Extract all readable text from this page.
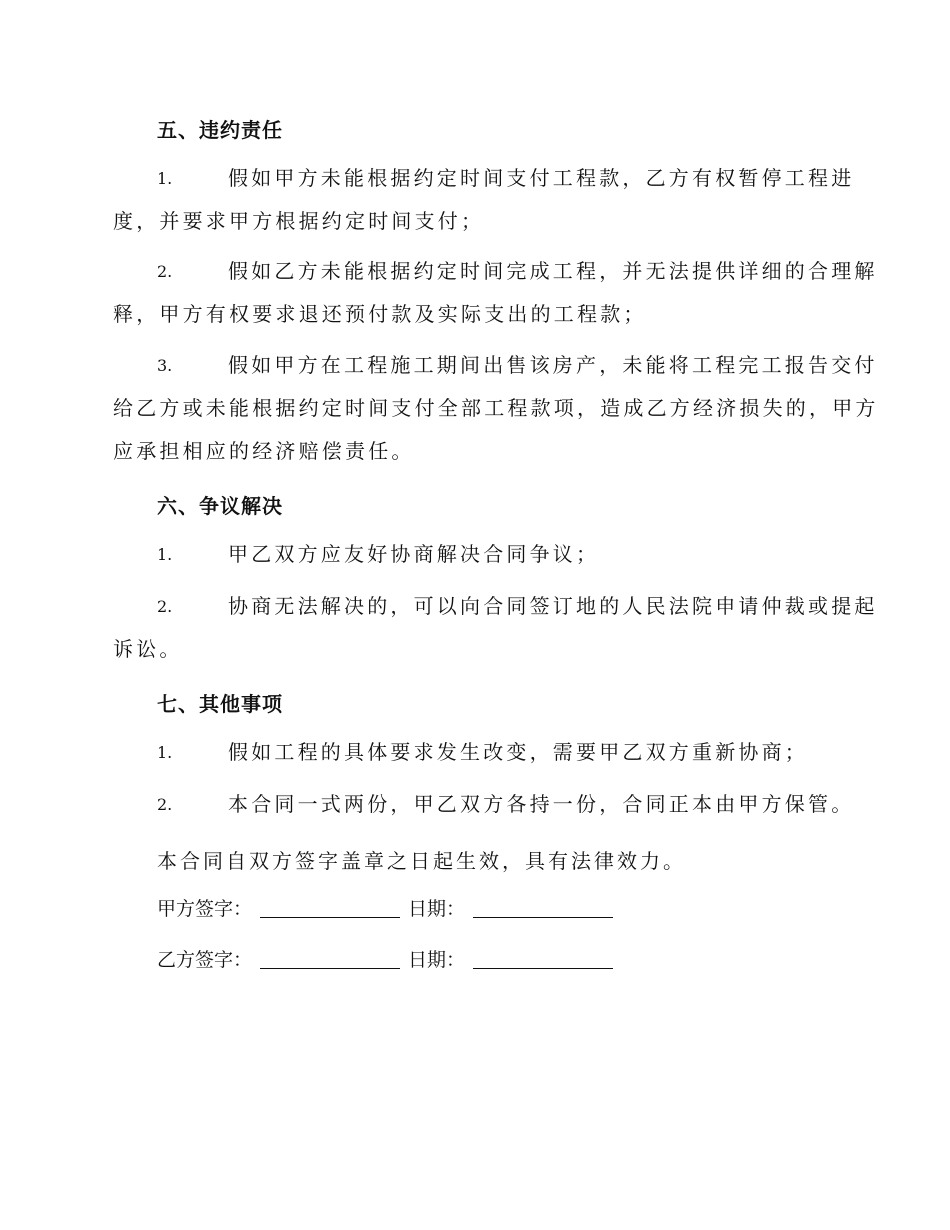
五、违约责任
1.	假如甲方未能根据约定时间支付工程款，乙方有权暂停工程进
度，并要求甲方根据约定时间支付；
2.	假如乙方未能根据约定时间完成工程，并无法提供详细的合理解
释，甲方有权要求退还预付款及实际支出的工程款；
3.	假如甲方在工程施工期间出售该房产，未能将工程完工报告交付
给乙方或未能根据约定时间支付全部工程款项，造成乙方经济损失的，甲方
应承担相应的经济赔偿责任。
六、争议解决
1.	甲乙双方应友好协商解决合同争议；
2.	协商无法解决的，可以向合同签订地的人民法院申请仲裁或提起
诉讼。
七、其他事项
1.	假如工程的具体要求发生改变，需要甲乙双方重新协商；
2.	本合同一式两份，甲乙双方各持一份，合同正本由甲方保管。
本合同自双方签字盖章之日起生效，具有法律效力。
甲方签字：	日期：
乙方签字：	日期：
